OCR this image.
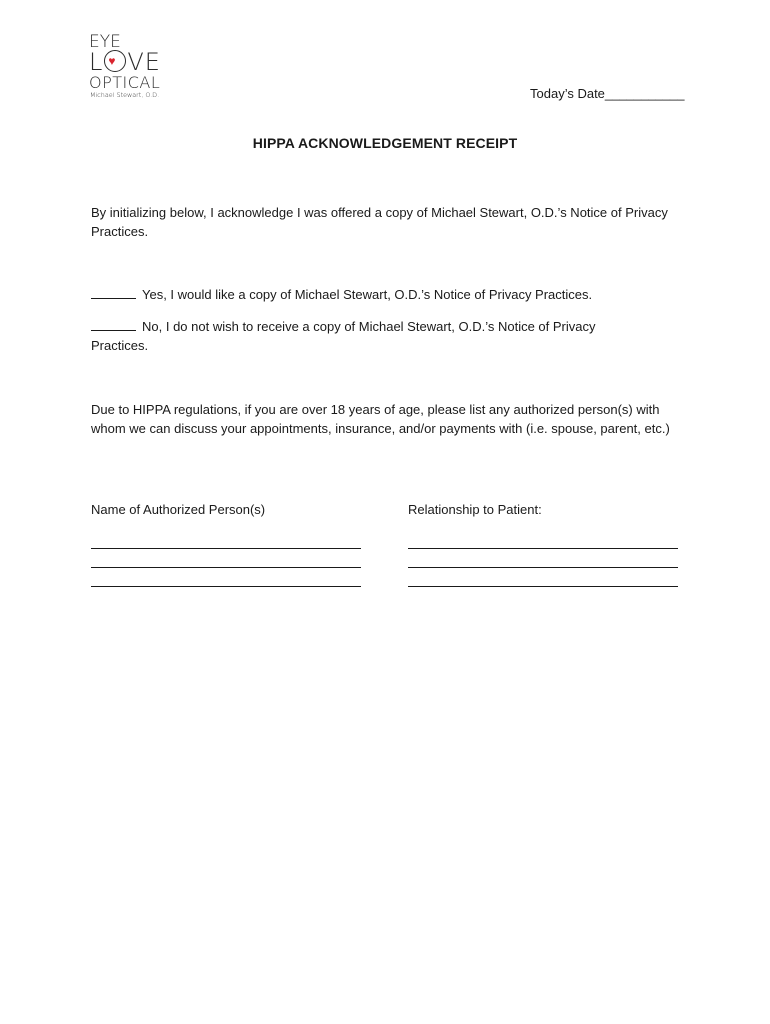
EYE
L ♥ VE
OPTICAL
Michael Stewart, O.D.	Today’s Date___________
HIPPA ACKNOWLEDGEMENT RECEIPT
By initializing below, I acknowledge I was offered a copy of Michael Stewart, O.D.’s Notice of Privacy Practices.
Yes, I would like a copy of Michael Stewart, O.D.’s Notice of Privacy Practices.
No, I do not wish to receive a copy of Michael Stewart, O.D.’s Notice of Privacy Practices.
Due to HIPPA regulations, if you are over 18 years of age, please list any authorized person(s) with whom we can discuss your appointments, insurance, and/or payments with (i.e. spouse, parent, etc.)
Name of Authorized Person(s)	Relationship to Patient:
